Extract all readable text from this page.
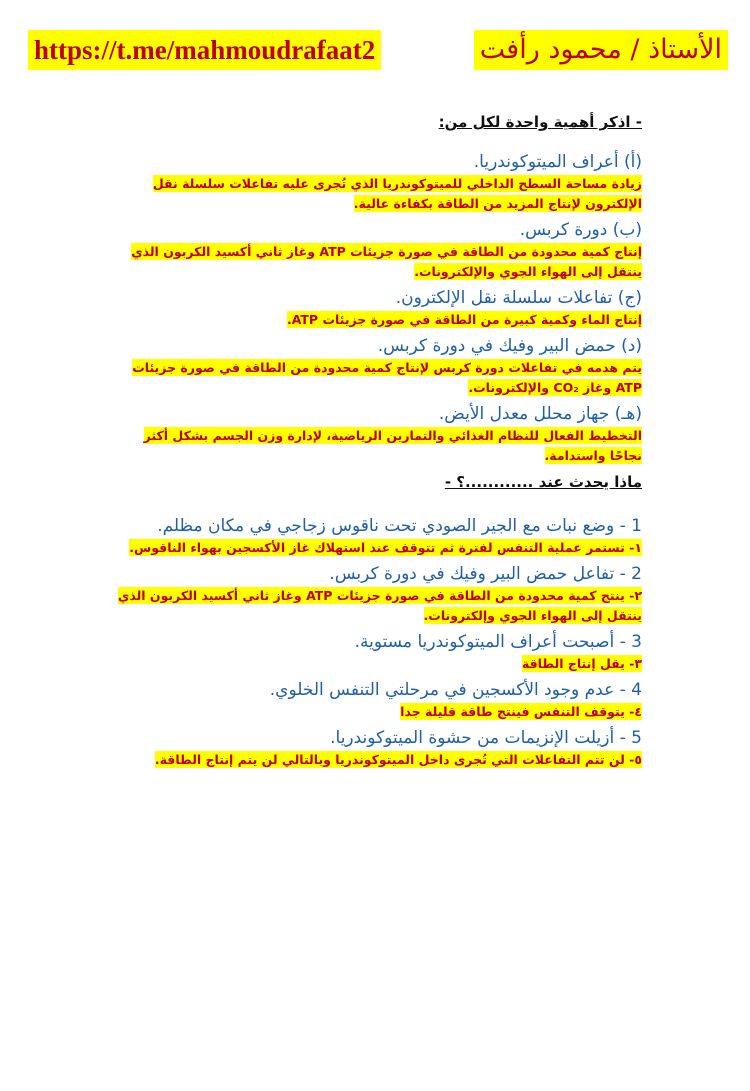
https://t.me/mahmoudrafaat2	الأستاذ / محمود رأفت

- اذكر أهمية واحدة لكل من:

(أ) أعراف الميتوكوندريا.

زيادة مساحة السطح الداخلي للميتوكوندريا الذي تُجرى عليه تفاعلات سلسلة نقل الإلكترون لإنتاج المزيد من الطاقة بكفاءة عالية.

(ب) دورة كربس.

إنتاج كمية محدودة من الطاقة في صورة جزيئات ATP وغاز ثاني أكسيد الكربون الذي ينتقل إلى الهواء الجوي والإلكترونات.

(ج) تفاعلات سلسلة نقل الإلكترون.

إنتاج الماء وكمية كبيرة من الطاقة في صورة جزيئات ATP.

(د) حمض البير وفيك في دورة كربس.

يتم هدمه في تفاعلات دورة كربس لإنتاج كمية محدودة من الطاقة في صورة جزيئات ATP وغاز CO₂ والإلكترونات.

(هـ) جهاز محلل معدل الأيض.

التخطيط الفعال للنظام الغذائي والتمارين الرياضية، لإدارة وزن الجسم بشكل أكثر نجاحًا واستدامة.

ماذا يحدث عند ............؟ -

1 - وضع نبات مع الجير الصودي تحت ناقوس زجاجي في مكان مظلم.

١- تستمر عملية التنفس لفترة ثم تتوقف عند استهلاك غاز الأكسجين بهواء الناقوس.

2 - تفاعل حمض البير وفيك في دورة كربس.

٢- ينتج كمية محدودة من الطاقة في صورة جزيئات ATP وغاز ثاني أكسيد الكربون الذي ينتقل إلى الهواء الجوي وإلكترونات.

3 - أصبحت أعراف الميتوكوندريا مستوية.

٣- يقل إنتاج الطاقة

4 - عدم وجود الأكسجين في مرحلتي التنفس الخلوي.

٤- يتوقف التنفس فينتج طاقة قليلة جدا

5 - أزيلت الإنزيمات من حشوة الميتوكوندريا.

٥- لن تتم التفاعلات التي تُجرى داخل الميتوكوندريا وبالتالي لن يتم إنتاج الطاقة.
